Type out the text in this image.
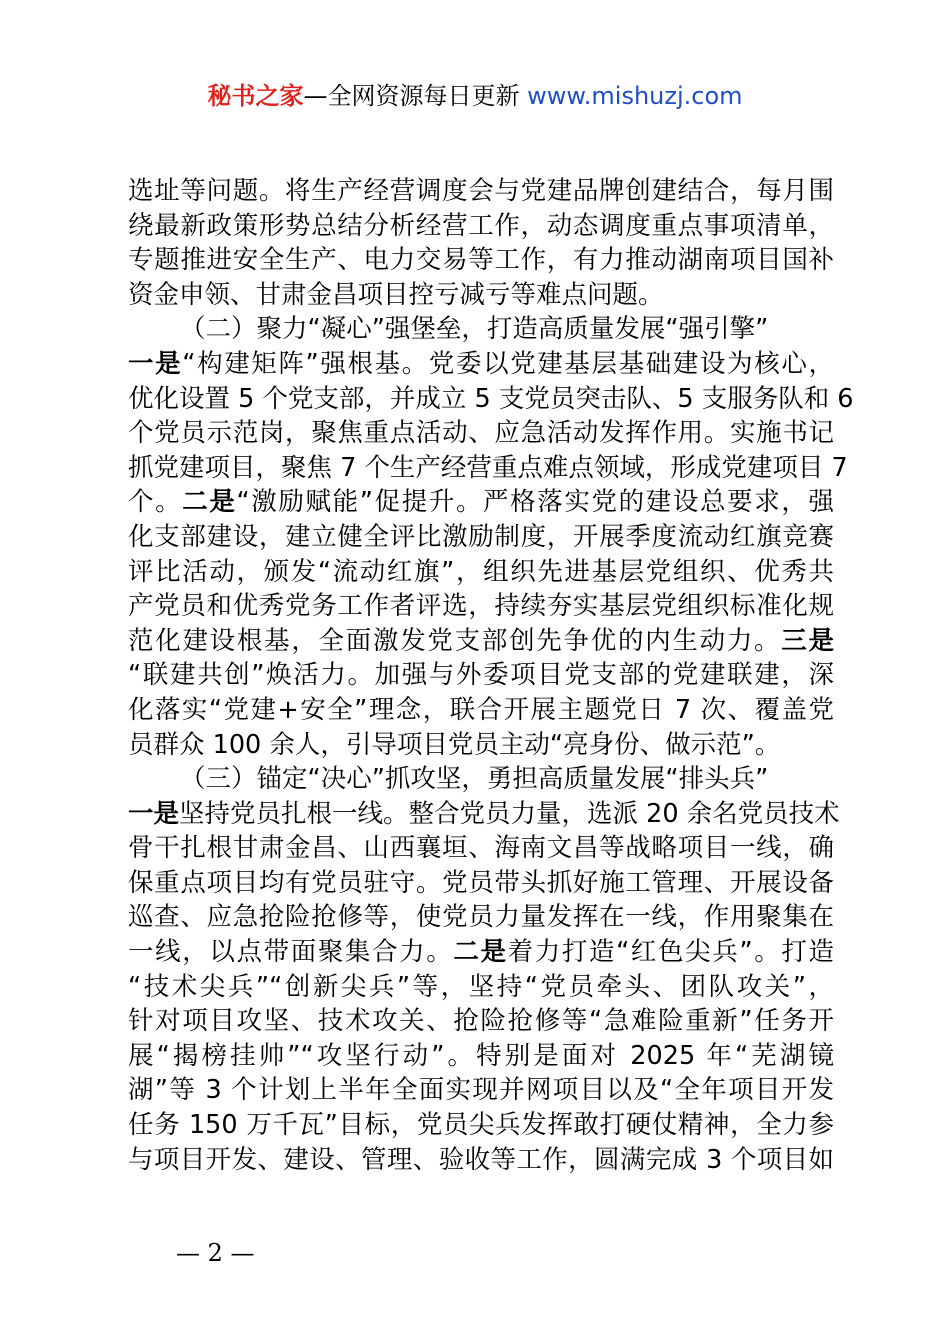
秘书之家—全网资源每日更新 www.mishuzj.com
选址等问题。将生产经营调度会与党建品牌创建结合，每月围
绕最新政策形势总结分析经营工作，动态调度重点事项清单，
专题推进安全生产、电力交易等工作，有力推动湖南项目国补
资金申领、甘肃金昌项目控亏减亏等难点问题。
（二）聚力“凝心”强堡垒，打造高质量发展“强引擎”
一是“构建矩阵”强根基。党委以党建基层基础建设为核心，
优化设置 5 个党支部，并成立 5 支党员突击队、5 支服务队和 6
个党员示范岗，聚焦重点活动、应急活动发挥作用。实施书记
抓党建项目，聚焦 7 个生产经营重点难点领域，形成党建项目 7
个。二是“激励赋能”促提升。严格落实党的建设总要求，强
化支部建设，建立健全评比激励制度，开展季度流动红旗竞赛
评比活动，颁发“流动红旗”，组织先进基层党组织、优秀共
产党员和优秀党务工作者评选，持续夯实基层党组织标准化规
范化建设根基，全面激发党支部创先争优的内生动力。三是
“联建共创”焕活力。加强与外委项目党支部的党建联建，深
化落实“党建+安全”理念，联合开展主题党日 7 次、覆盖党
员群众 100 余人，引导项目党员主动“亮身份、做示范”。
（三）锚定“决心”抓攻坚，勇担高质量发展“排头兵”
一是坚持党员扎根一线。整合党员力量，选派 20 余名党员技术
骨干扎根甘肃金昌、山西襄垣、海南文昌等战略项目一线，确
保重点项目均有党员驻守。党员带头抓好施工管理、开展设备
巡查、应急抢险抢修等，使党员力量发挥在一线，作用聚集在
一线，以点带面聚集合力。二是着力打造“红色尖兵”。打造
“技术尖兵”“创新尖兵”等，坚持“党员牵头、团队攻关”，
针对项目攻坚、技术攻关、抢险抢修等“急难险重新”任务开
展“揭榜挂帅”“攻坚行动”。特别是面对 2025 年“芜湖镜
湖”等 3 个计划上半年全面实现并网项目以及“全年项目开发
任务 150 万千瓦”目标，党员尖兵发挥敢打硬仗精神，全力参
与项目开发、建设、管理、验收等工作，圆满完成 3 个项目如
— 2 —
